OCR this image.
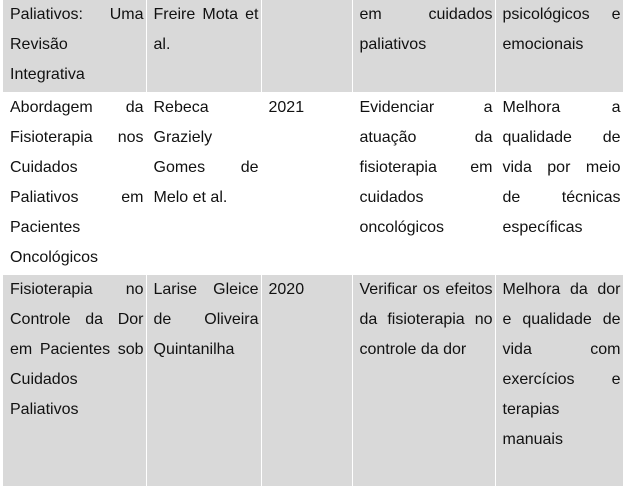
Paliativos: Uma Revisão Integrativa	Freire Mota et al.		em cuidados paliativos	psicológicos e emocionais

Abordagem da Fisioterapia nos Cuidados Paliativos em Pacientes Oncológicos	Rebeca Graziely Gomes de Melo et al.	2021	Evidenciar a atuação da fisioterapia em cuidados oncológicos	Melhora a qualidade de vida por meio de técnicas específicas

Fisioterapia no Controle da Dor em Pacientes sob Cuidados Paliativos	Larise Gleice de Oliveira Quintanilha	2020	Verificar os efeitos da fisioterapia no controle da dor	Melhora da dor e qualidade de vida com exercícios e terapias manuais
